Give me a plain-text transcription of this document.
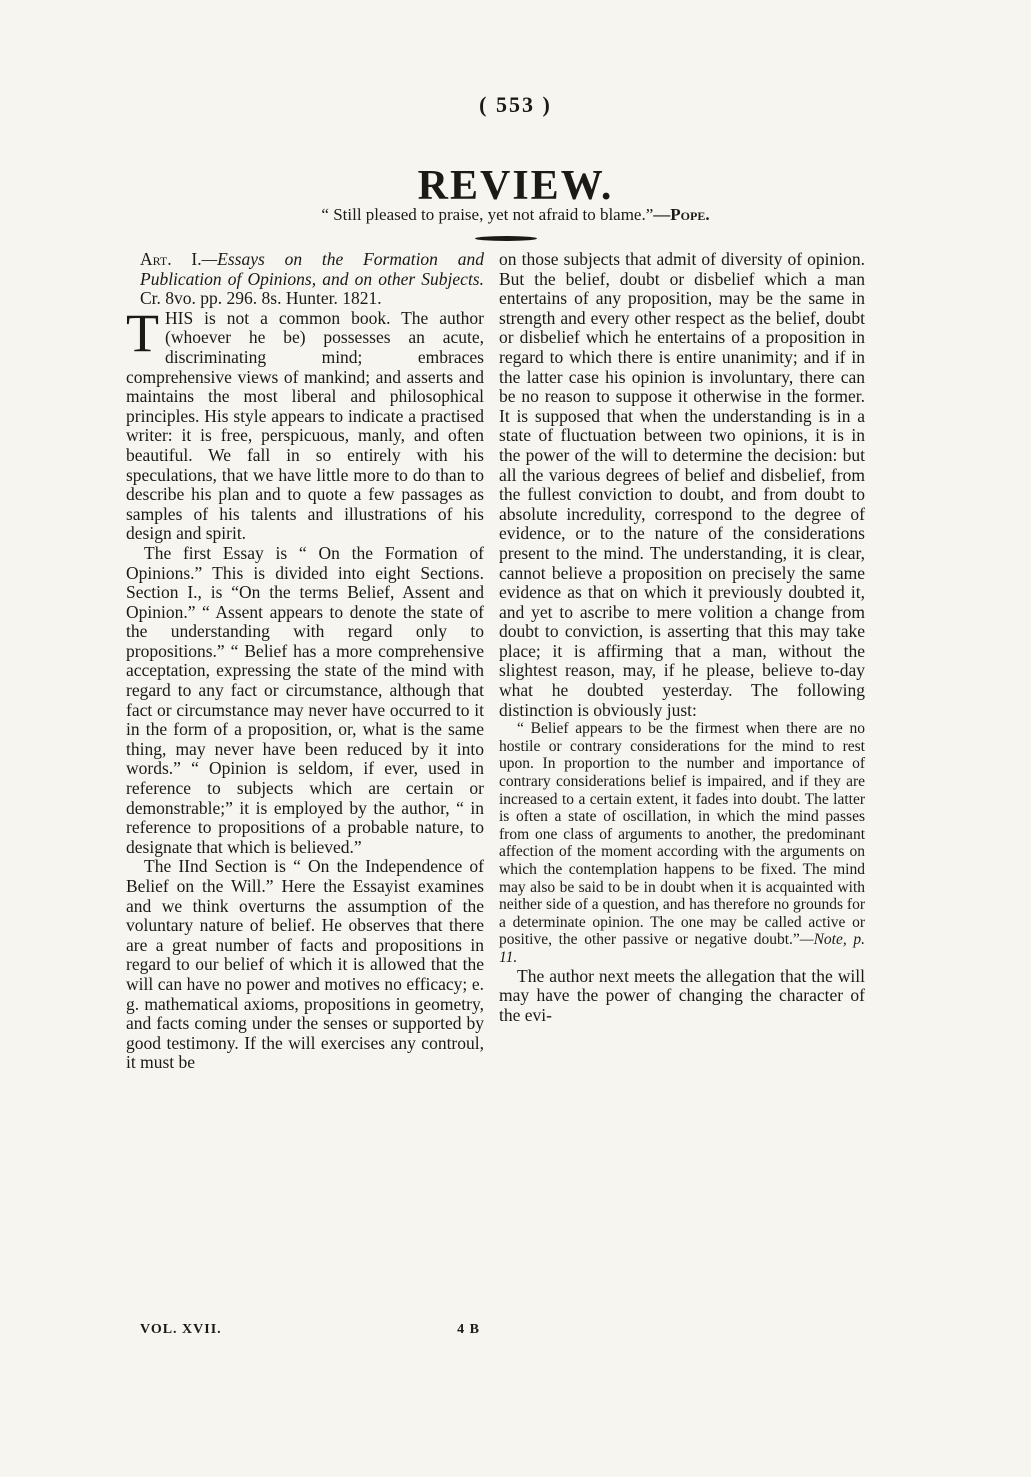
( 553 )
REVIEW.
“ Still pleased to praise, yet not afraid to blame.”—Pope.

Art. I.—Essays on the Formation and Publication of Opinions, and on other Subjects. Cr. 8vo. pp. 296. 8s. Hunter. 1821.

THIS is not a common book. The author (whoever he be) possesses an acute, discriminating mind; embraces comprehensive views of mankind; and asserts and maintains the most liberal and philosophical principles. His style appears to indicate a practised writer: it is free, perspicuous, manly, and often beautiful. We fall in so entirely with his speculations, that we have little more to do than to describe his plan and to quote a few passages as samples of his talents and illustrations of his design and spirit.

The first Essay is “ On the Formation of Opinions.” This is divided into eight Sections. Section I., is “On the terms Belief, Assent and Opinion.” “ Assent appears to denote the state of the understanding with regard only to propositions.” “ Belief has a more comprehensive acceptation, expressing the state of the mind with regard to any fact or circumstance, although that fact or circumstance may never have occurred to it in the form of a proposition, or, what is the same thing, may never have been reduced by it into words.” “ Opinion is seldom, if ever, used in reference to subjects which are certain or demonstrable;” it is employed by the author, “ in reference to propositions of a probable nature, to designate that which is believed.”

The IInd Section is “ On the Independence of Belief on the Will.” Here the Essayist examines and we think overturns the assumption of the voluntary nature of belief. He observes that there are a great number of facts and propositions in regard to our belief of which it is allowed that the will can have no power and motives no efficacy; e. g. mathematical axioms, propositions in geometry, and facts coming under the senses or supported by good testimony. If the will exercises any controul, it must be

on those subjects that admit of diversity of opinion. But the belief, doubt or disbelief which a man entertains of any proposition, may be the same in strength and every other respect as the belief, doubt or disbelief which he entertains of a proposition in regard to which there is entire unanimity; and if in the latter case his opinion is involuntary, there can be no reason to suppose it otherwise in the former. It is supposed that when the understanding is in a state of fluctuation between two opinions, it is in the power of the will to determine the decision: but all the various degrees of belief and disbelief, from the fullest conviction to doubt, and from doubt to absolute incredulity, correspond to the degree of evidence, or to the nature of the considerations present to the mind. The understanding, it is clear, cannot believe a proposition on precisely the same evidence as that on which it previously doubted it, and yet to ascribe to mere volition a change from doubt to conviction, is asserting that this may take place; it is affirming that a man, without the slightest reason, may, if he please, believe to-day what he doubted yesterday. The following distinction is obviously just:

“ Belief appears to be the firmest when there are no hostile or contrary considerations for the mind to rest upon. In proportion to the number and importance of contrary considerations belief is impaired, and if they are increased to a certain extent, it fades into doubt. The latter is often a state of oscillation, in which the mind passes from one class of arguments to another, the predominant affection of the moment according with the arguments on which the contemplation happens to be fixed. The mind may also be said to be in doubt when it is acquainted with neither side of a question, and has therefore no grounds for a determinate opinion. The one may be called active or positive, the other passive or negative doubt.”—Note, p. 11.

The author next meets the allegation that the will may have the power of changing the character of the evi-

VOL. XVII.	4 B
